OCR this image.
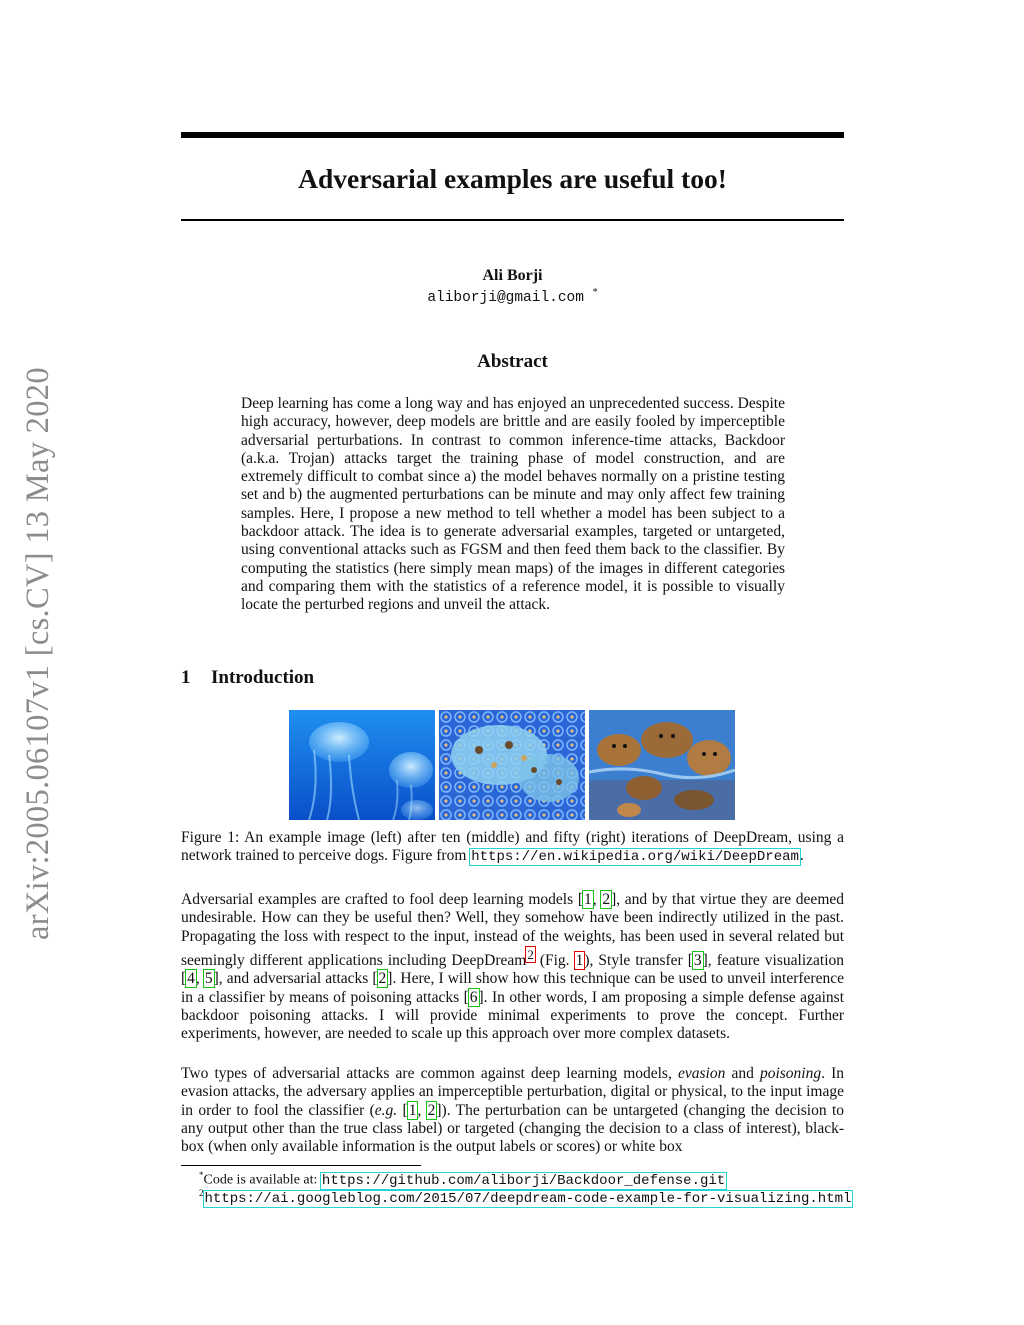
arXiv:2005.06107v1 [cs.CV] 13 May 2020
Adversarial examples are useful too!
Ali Borji
aliborji@gmail.com *
Abstract

Deep learning has come a long way and has enjoyed an unprecedented success. Despite high accuracy, however, deep models are brittle and are easily fooled by imperceptible adversarial perturbations. In contrast to common inference-time attacks, Backdoor (a.k.a. Trojan) attacks target the training phase of model construction, and are extremely difficult to combat since a) the model behaves normally on a pristine testing set and b) the augmented perturbations can be minute and may only affect few training samples. Here, I propose a new method to tell whether a model has been subject to a backdoor attack. The idea is to generate adversarial examples, targeted or untargeted, using conventional attacks such as FGSM and then feed them back to the classifier. By computing the statistics (here simply mean maps) of the images in different categories and comparing them with the statistics of a reference model, it is possible to visually locate the perturbed regions and unveil the attack.

1 Introduction

Figure 1: An example image (left) after ten (middle) and fifty (right) iterations of DeepDream, using a network trained to perceive dogs. Figure from https://en.wikipedia.org/wiki/DeepDream.

Adversarial examples are crafted to fool deep learning models [1, 2], and by that virtue they are deemed undesirable. How can they be useful then? Well, they somehow have been indirectly utilized in the past. Propagating the loss with respect to the input, instead of the weights, has been used in several related but seemingly different applications including DeepDream$^2$ (Fig. 1), Style transfer [3], feature visualization [4, 5], and adversarial attacks [2]. Here, I will show how this technique can be used to unveil interference in a classifier by means of poisoning attacks [6]. In other words, I am proposing a simple defense against backdoor poisoning attacks. I will provide minimal experiments to prove the concept. Further experiments, however, are needed to scale up this approach over more complex datasets.

Two types of adversarial attacks are common against deep learning models, evasion and poisoning. In evasion attacks, the adversary applies an imperceptible perturbation, digital or physical, to the input image in order to fool the classifier (e.g. [1, 2]). The perturbation can be untargeted (changing the decision to any output other than the true class label) or targeted (changing the decision to a class of interest), black-box (when only available information is the output labels or scores) or white box

*Code is available at: https://github.com/aliborji/Backdoor_defense.git
$^2$https://ai.googleblog.com/2015/07/deepdream-code-example-for-visualizing.html
